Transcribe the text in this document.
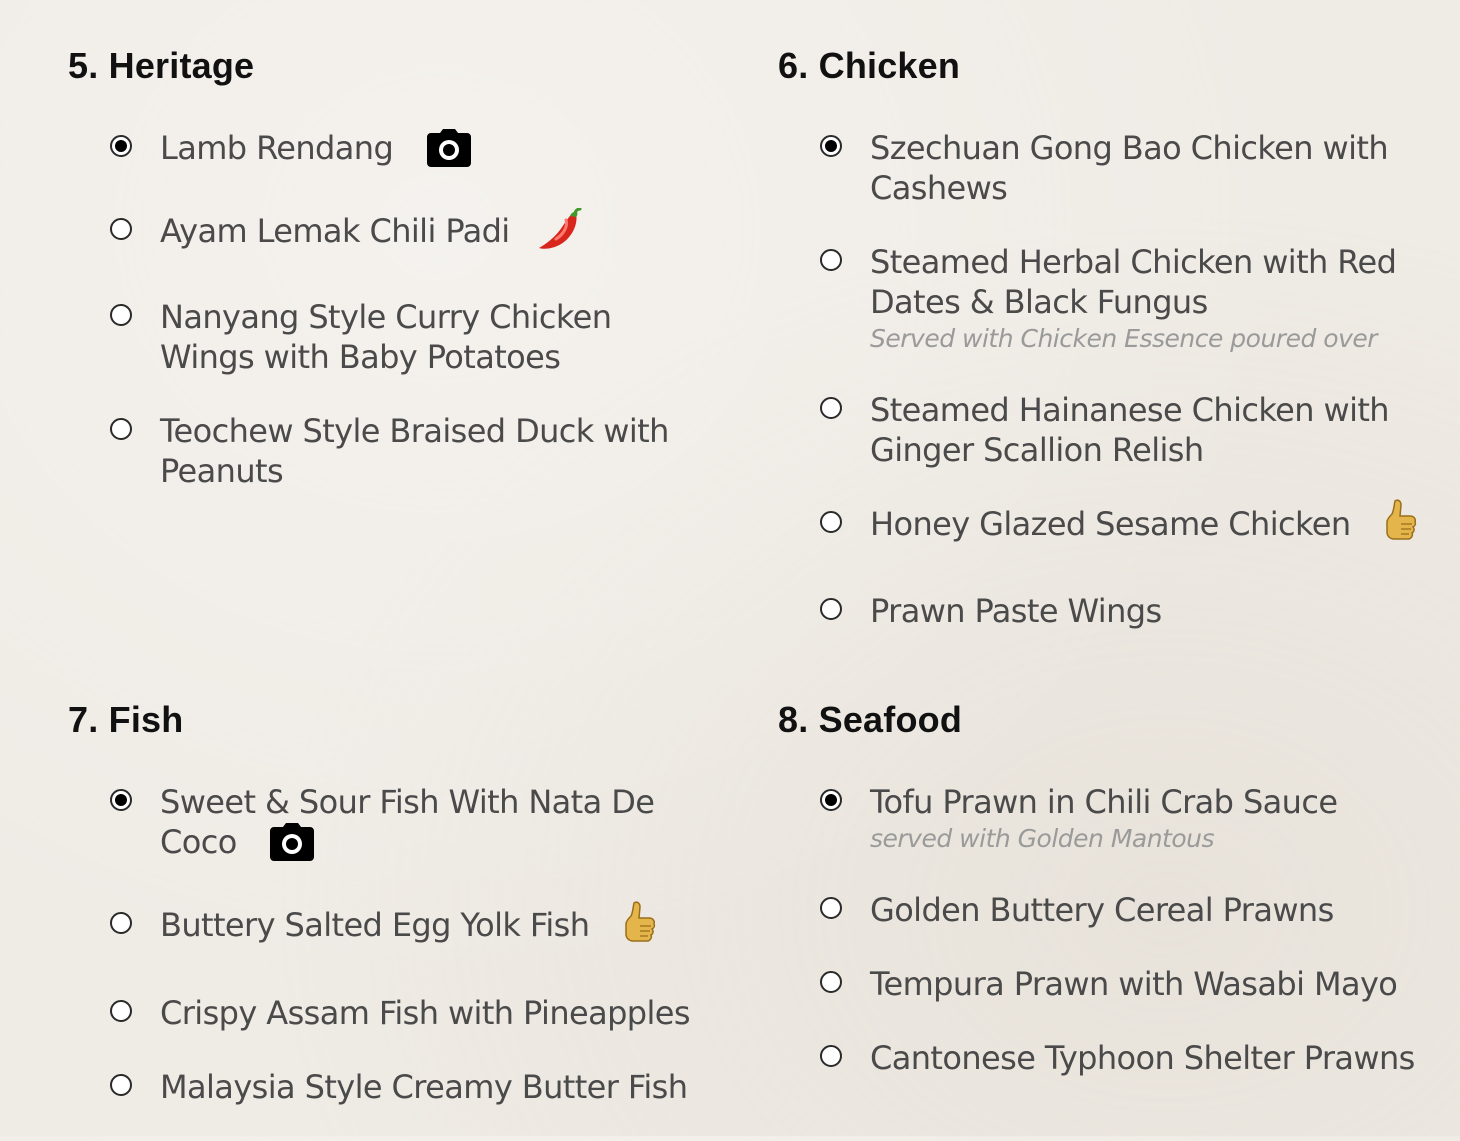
5. Heritage
Lamb Rendang
Ayam Lemak Chili Padi
Nanyang Style Curry Chicken Wings with Baby Potatoes
Teochew Style Braised Duck with Peanuts
6. Chicken
Szechuan Gong Bao Chicken with Cashews
Steamed Herbal Chicken with Red Dates & Black Fungus
Served with Chicken Essence poured over
Steamed Hainanese Chicken with Ginger Scallion Relish
Honey Glazed Sesame Chicken
Prawn Paste Wings
7. Fish
Sweet & Sour Fish With Nata De Coco
Buttery Salted Egg Yolk Fish
Crispy Assam Fish with Pineapples
Malaysia Style Creamy Butter Fish
8. Seafood
Tofu Prawn in Chili Crab Sauce
served with Golden Mantous
Golden Buttery Cereal Prawns
Tempura Prawn with Wasabi Mayo
Cantonese Typhoon Shelter Prawns
